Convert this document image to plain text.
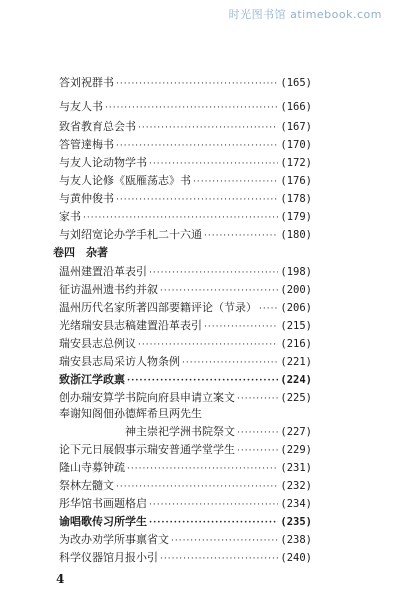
时光图书馆 atimebook.com
答刘祝群书 ·····	(165)
与友人书 ·····	(166)
致省教育总会书 ·····	(167)
答管達梅书 ·····	(170)
与友人论动物学书 ·····	(172)
与友人论修《瓯雁荡志》书 ·····	(176)
与黄仲俊书 ·····	(178)
家书 ·····	(179)
与刘绍宽论办学手札二十六通 ·····	(180)
卷四　杂著
温州建置沿革表引 ·····	(198)
征访温州遗书约并叙 ·····	(200)
温州历代名家所著四部要籍评论（节录） ····· (206)
光绪瑞安县志稿建置沿革表引 ·····	(215)
瑞安县志总例议 ·····	(216)
瑞安县志局采访人物条例 ·····	(221)
致浙江学政禀 ·····	(224)
创办瑞安算学书院向府县申请立案文 ·····	(225)
奉谢知阁佃孙德辉希旦两先生
神主崇祀学洲书院祭文 ·····	(227)
论下元日展假事示瑞安普通学堂学生 ·····	(229)
隆山寺募钟疏 ·····	(231)
祭林左髓文 ·····	(232)
彤华馆书画题格启 ·····	(234)
谕唱歌传习所学生 ·····	(235)
为改办劝学所事禀省文 ·····	(238)
科学仪器馆月报小引 ·····	(240)
4
